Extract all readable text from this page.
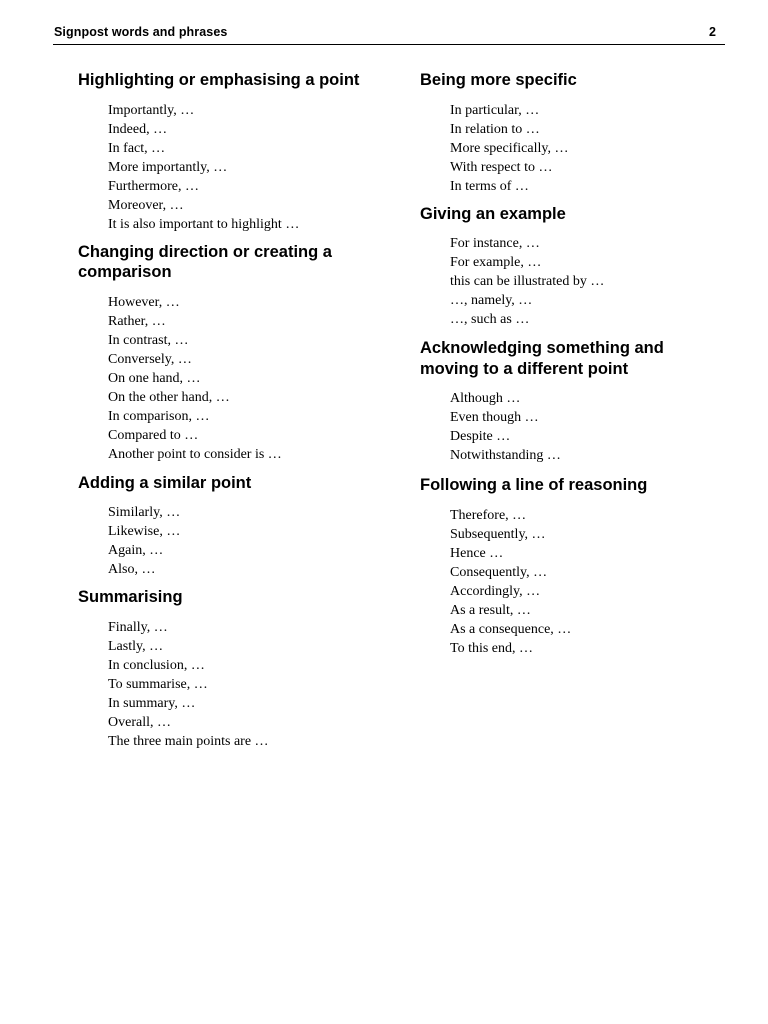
Signpost words and phrases	2
Highlighting or emphasising a point
Importantly, …
Indeed, …
In fact, …
More importantly, …
Furthermore, …
Moreover, …
It is also important to highlight …
Changing direction or creating a comparison
However, …
Rather, …
In contrast, …
Conversely, …
On one hand, …
On the other hand, …
In comparison, …
Compared to …
Another point to consider is …
Adding a similar point
Similarly, …
Likewise, …
Again, …
Also, …
Summarising
Finally, …
Lastly, …
In conclusion, …
To summarise, …
In summary, …
Overall, …
The three main points are …
Being more specific
In particular, …
In relation to …
More specifically, …
With respect to …
In terms of …
Giving an example
For instance, …
For example, …
this can be illustrated by …
…, namely, …
…, such as …
Acknowledging something and moving to a different point
Although …
Even though …
Despite …
Notwithstanding …
Following a line of reasoning
Therefore, …
Subsequently, …
Hence …
Consequently, …
Accordingly, …
As a result, …
As a consequence, …
To this end, …
